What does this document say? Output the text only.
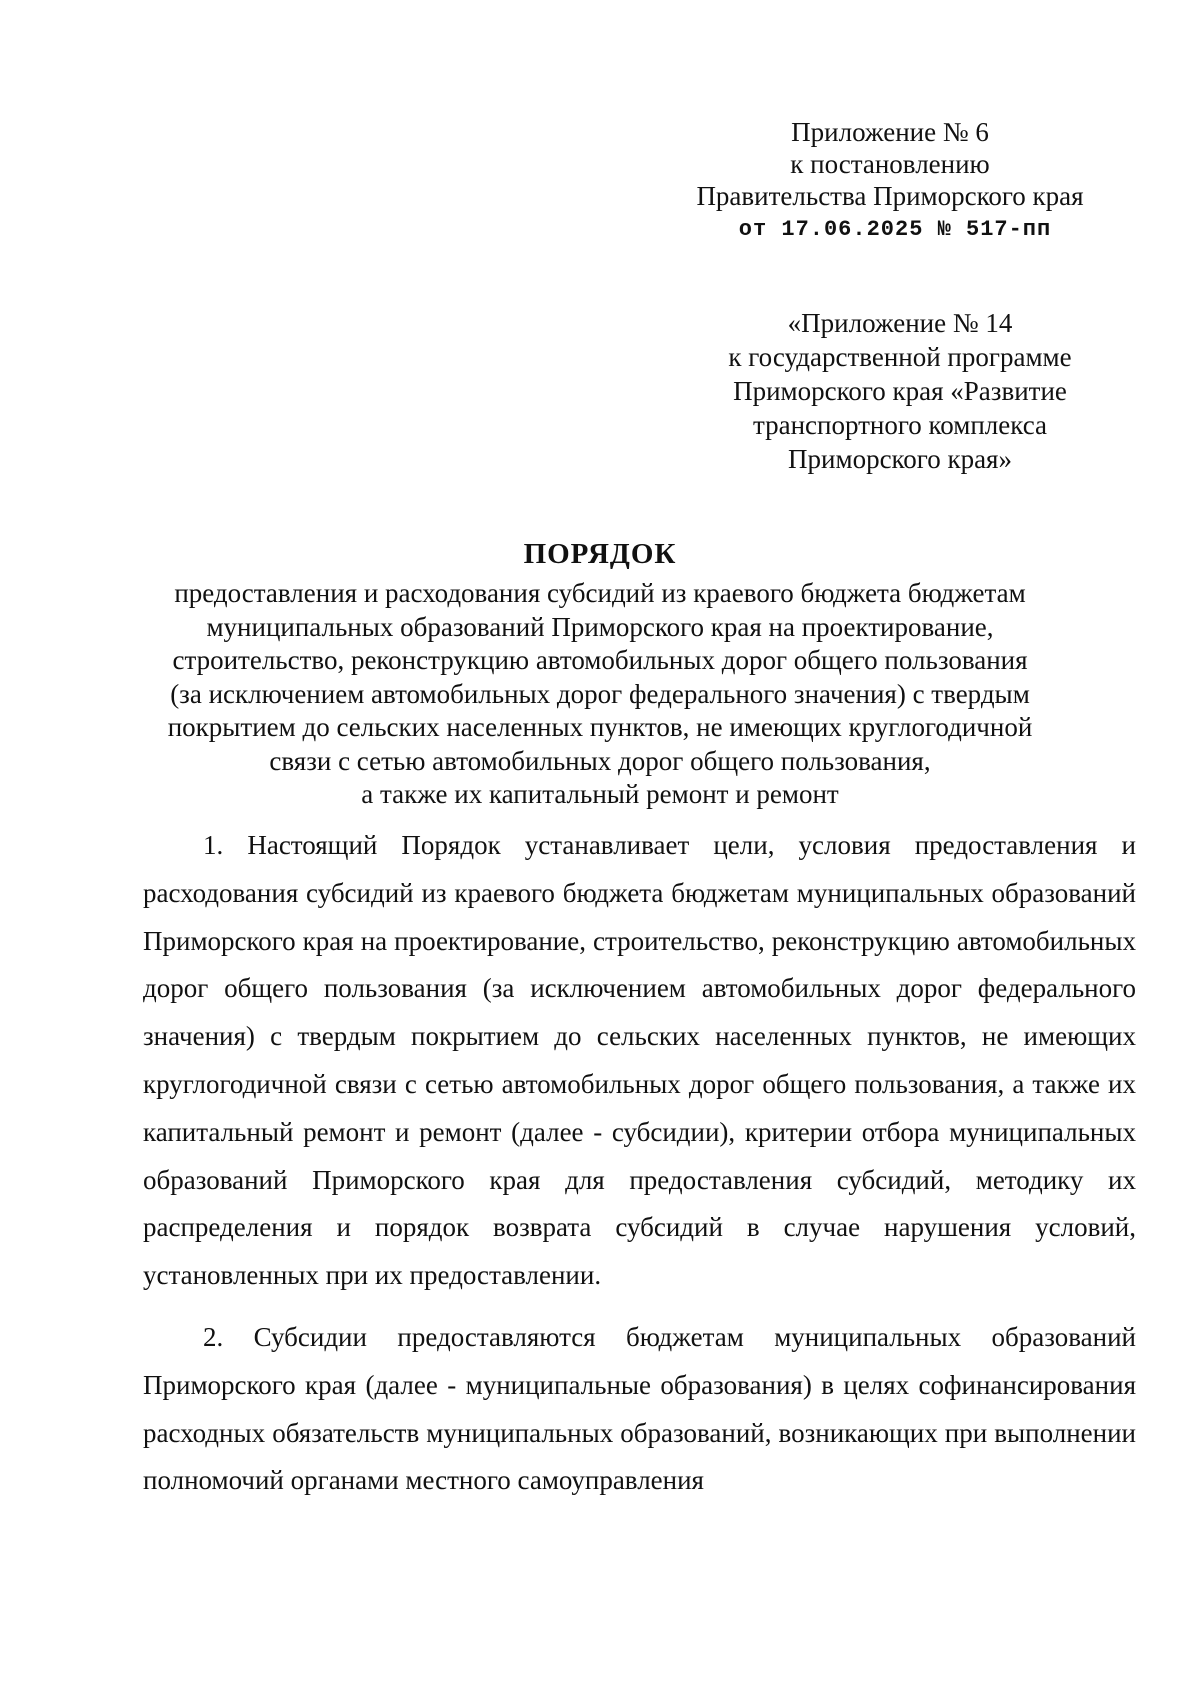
Приложение № 6
к постановлению
Правительства Приморского края
от 17.06.2025 № 517-пп
«Приложение № 14
к государственной программе
Приморского края «Развитие
транспортного комплекса
Приморского края»
ПОРЯДОК
предоставления и расходования субсидий из краевого бюджета бюджетам
муниципальных образований Приморского края на проектирование,
строительство, реконструкцию автомобильных дорог общего пользования
(за исключением автомобильных дорог федерального значения) с твердым
покрытием до сельских населенных пунктов, не имеющих круглогодичной
связи с сетью автомобильных дорог общего пользования,
а также их капитальный ремонт и ремонт

1. Настоящий Порядок устанавливает цели, условия предоставления и расходования субсидий из краевого бюджета бюджетам муниципальных образований Приморского края на проектирование, строительство, реконструкцию автомобильных дорог общего пользования (за исключением автомобильных дорог федерального значения) с твердым покрытием до сельских населенных пунктов, не имеющих круглогодичной связи с сетью автомобильных дорог общего пользования, а также их капитальный ремонт и ремонт (далее - субсидии), критерии отбора муниципальных образований Приморского края для предоставления субсидий, методику их распределения и порядок возврата субсидий в случае нарушения условий, установленных при их предоставлении.

2. Субсидии предоставляются бюджетам муниципальных образований Приморского края (далее - муниципальные образования) в целях софинансирования расходных обязательств муниципальных образований, возникающих при выполнении полномочий органами местного самоуправления
